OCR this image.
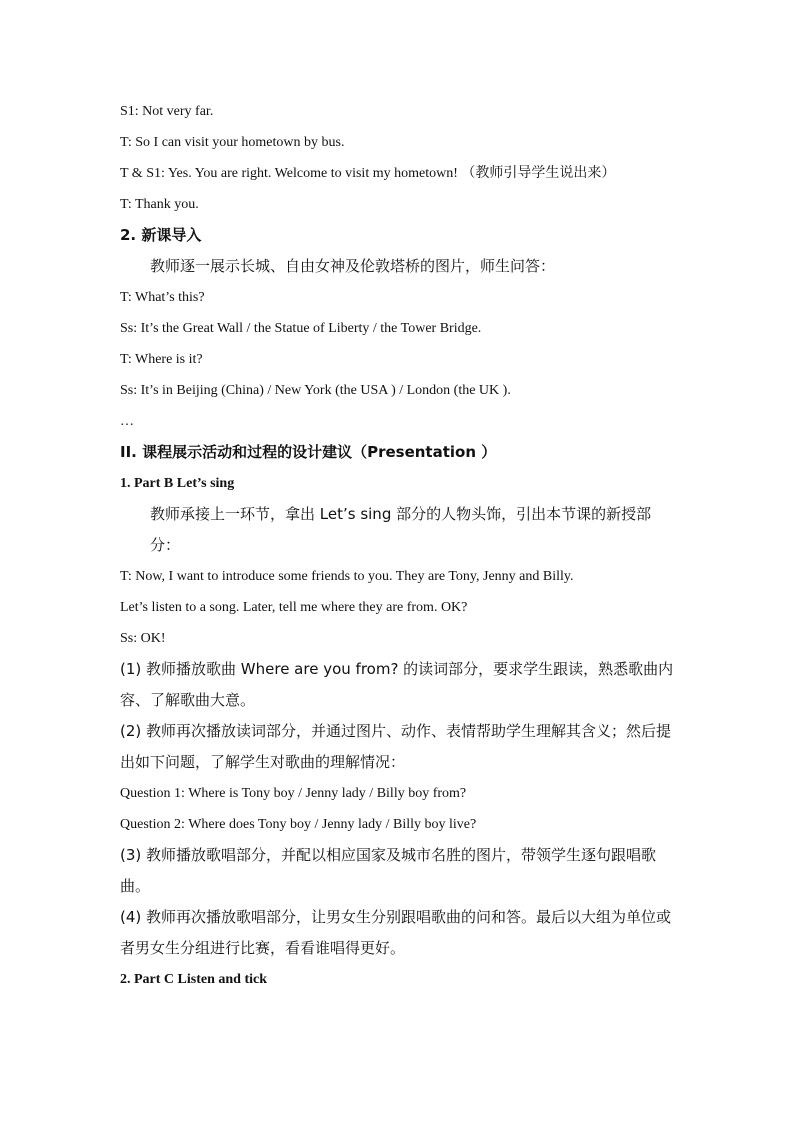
S1: Not very far.
T: So I can visit your hometown by bus.
T & S1: Yes. You are right. Welcome to visit my hometown! （教师引导学生说出来）
T: Thank you.
2. 新课导入
教师逐一展示长城、自由女神及伦敦塔桥的图片，师生问答：
T: What’s this?
Ss: It’s the Great Wall / the Statue of Liberty / the Tower Bridge.
T: Where is it?
Ss: It’s in Beijing (China) / New York (the USA ) / London (the UK ).
…
II. 课程展示活动和过程的设计建议（Presentation ）
1. Part B Let’s sing
教师承接上一环节，拿出 Let’s sing 部分的人物头饰，引出本节课的新授部分：
T: Now, I want to introduce some friends to you. They are Tony, Jenny and Billy.
Let’s listen to a song. Later, tell me where they are from. OK?
Ss: OK!
(1) 教师播放歌曲 Where are you from? 的读词部分，要求学生跟读，熟悉歌曲内容、了解歌曲大意。
(2) 教师再次播放读词部分，并通过图片、动作、表情帮助学生理解其含义；然后提出如下问题，了解学生对歌曲的理解情况：
Question 1: Where is Tony boy / Jenny lady / Billy boy from?
Question 2: Where does Tony boy / Jenny lady / Billy boy live?
(3) 教师播放歌唱部分，并配以相应国家及城市名胜的图片，带领学生逐句跟唱歌曲。
(4) 教师再次播放歌唱部分，让男女生分别跟唱歌曲的问和答。最后以大组为单位或者男女生分组进行比赛，看看谁唱得更好。
2. Part C Listen and tick
